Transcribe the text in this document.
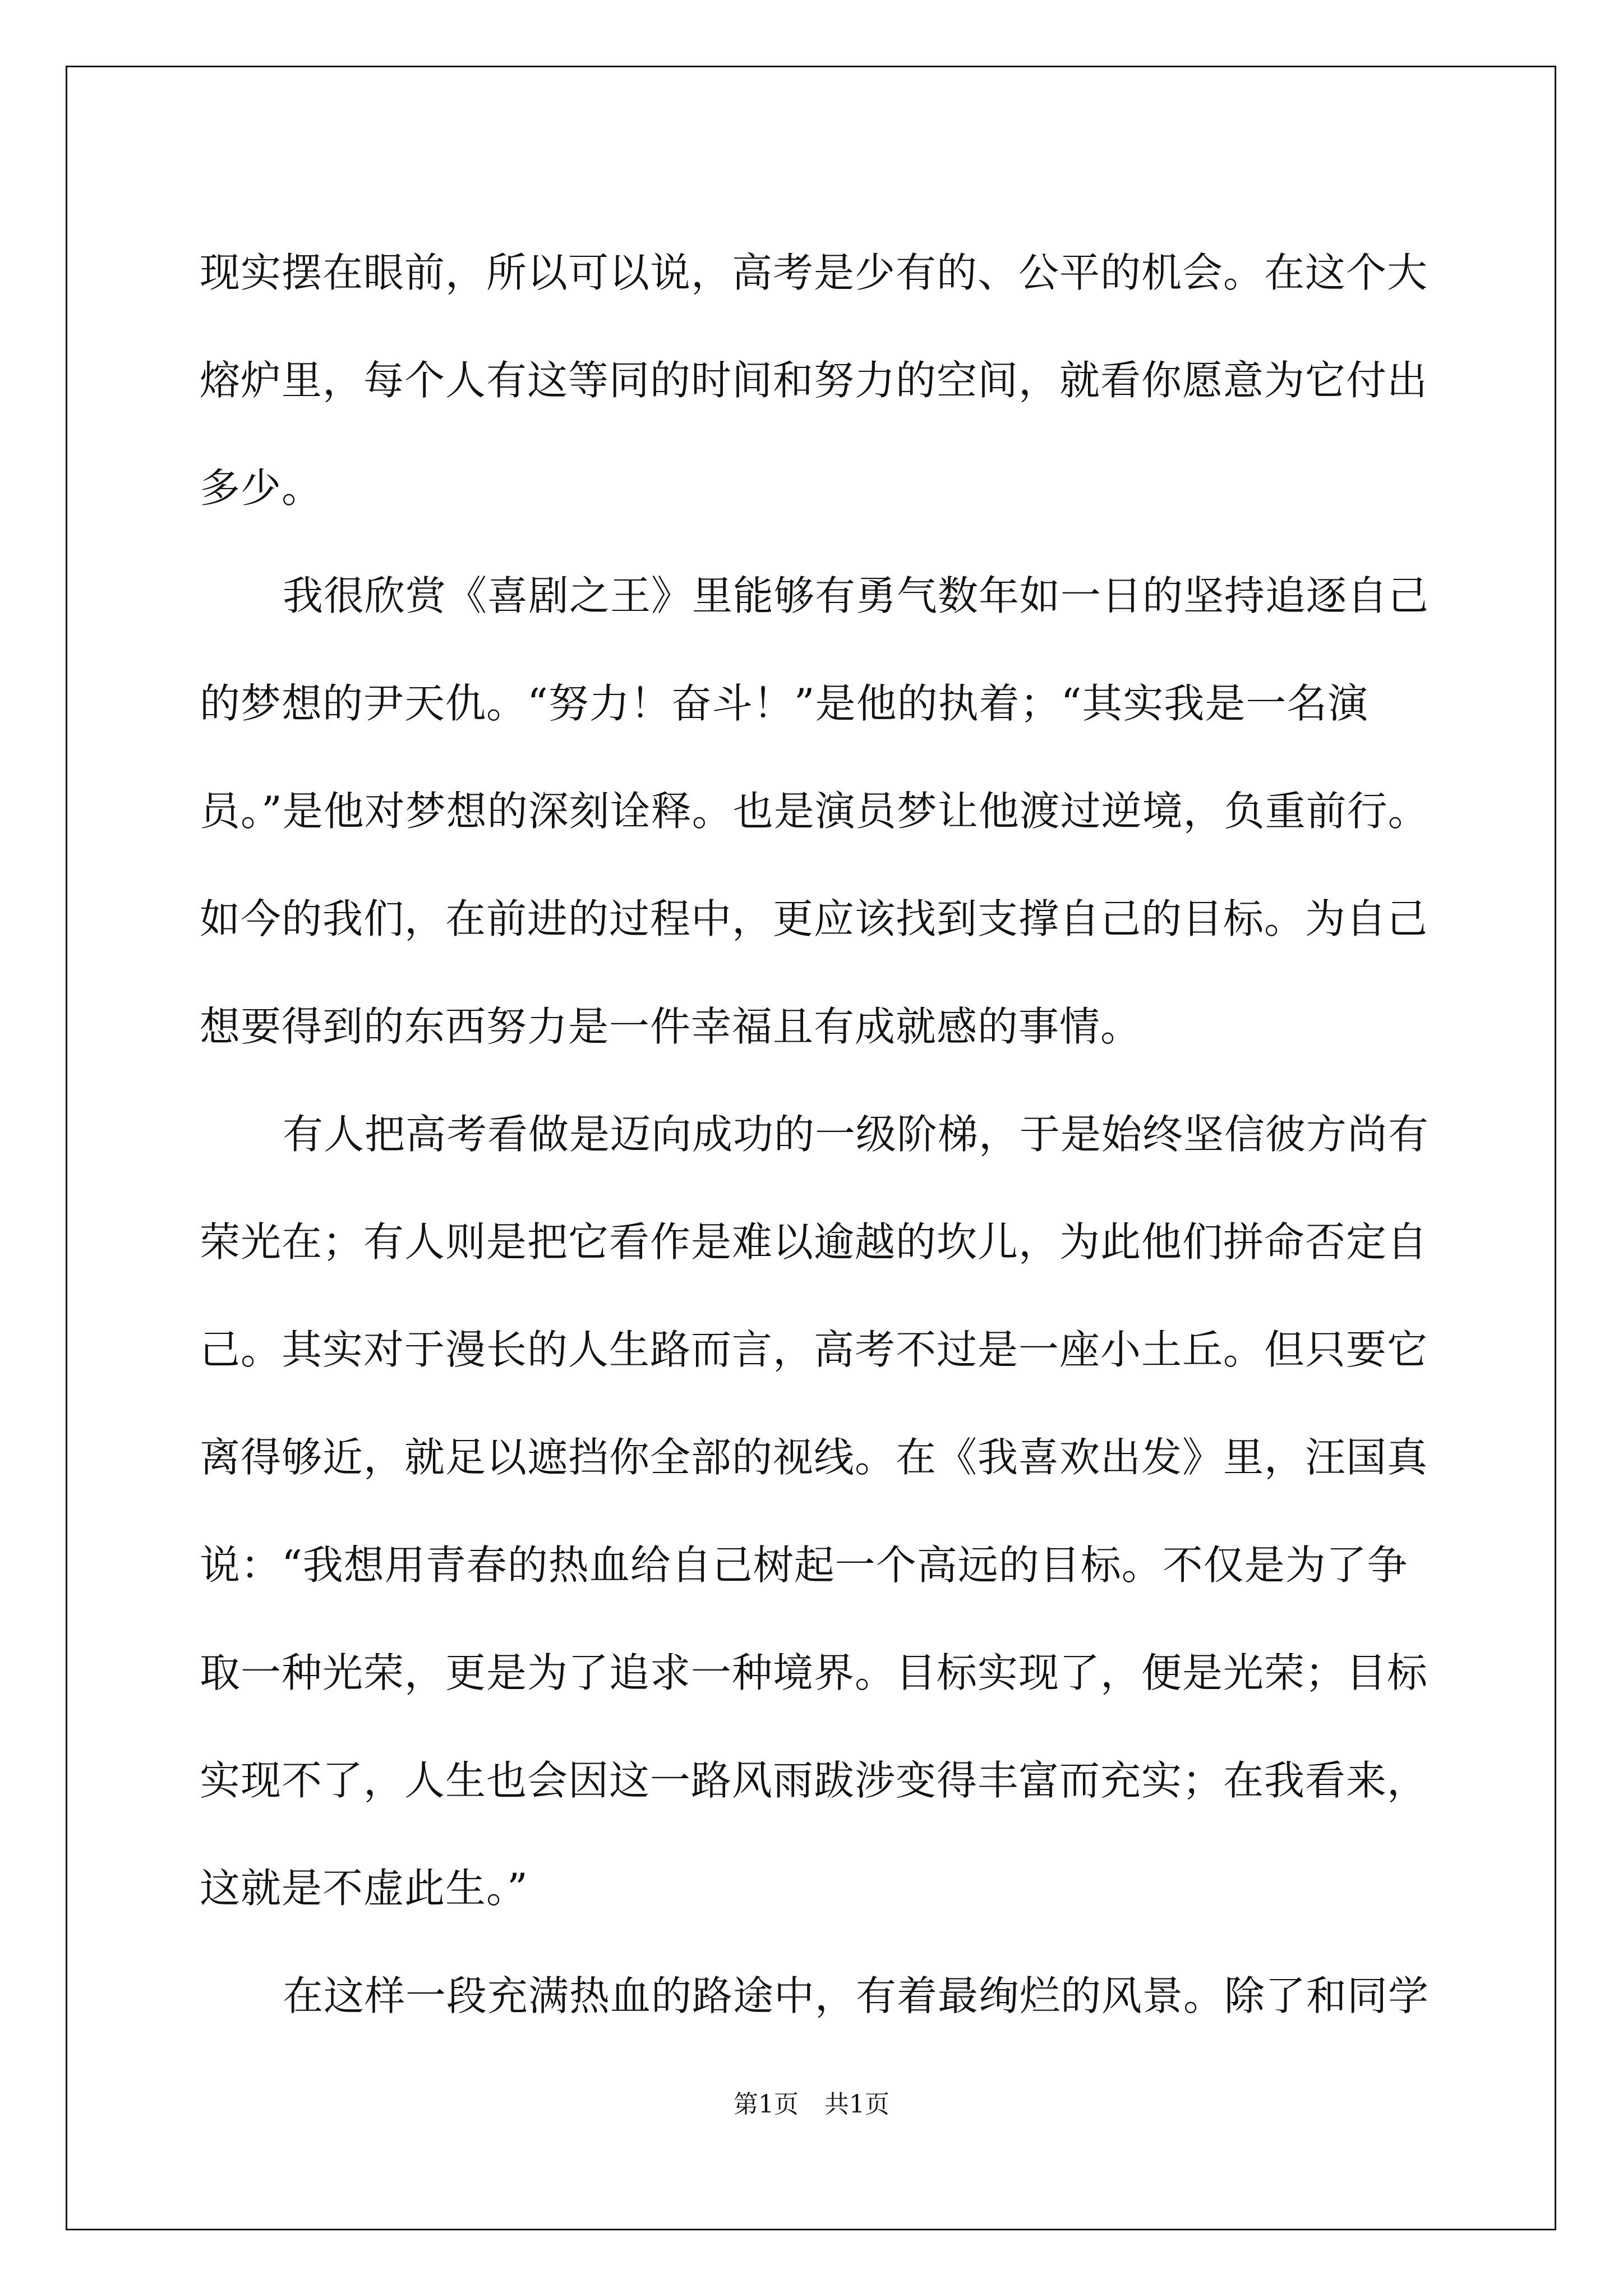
现实摆在眼前，所以可以说，高考是少有的、公平的机会。在这个大
熔炉里，每个人有这等同的时间和努力的空间，就看你愿意为它付出
多少。
我很欣赏《喜剧之王》里能够有勇气数年如一日的坚持追逐自己
的梦想的尹天仇。“努力！奋斗！”是他的执着；“其实我是一名演
员。”是他对梦想的深刻诠释。也是演员梦让他渡过逆境，负重前行。
如今的我们，在前进的过程中，更应该找到支撑自己的目标。为自己
想要得到的东西努力是一件幸福且有成就感的事情。
有人把高考看做是迈向成功的一级阶梯，于是始终坚信彼方尚有
荣光在；有人则是把它看作是难以逾越的坎儿，为此他们拼命否定自
己。其实对于漫长的人生路而言，高考不过是一座小土丘。但只要它
离得够近，就足以遮挡你全部的视线。在《我喜欢出发》里，汪国真
说：“我想用青春的热血给自己树起一个高远的目标。不仅是为了争
取一种光荣，更是为了追求一种境界。目标实现了，便是光荣；目标
实现不了，人生也会因这一路风雨跋涉变得丰富而充实；在我看来，
这就是不虚此生。”
在这样一段充满热血的路途中，有着最绚烂的风景。除了和同学
第1页 共1页
